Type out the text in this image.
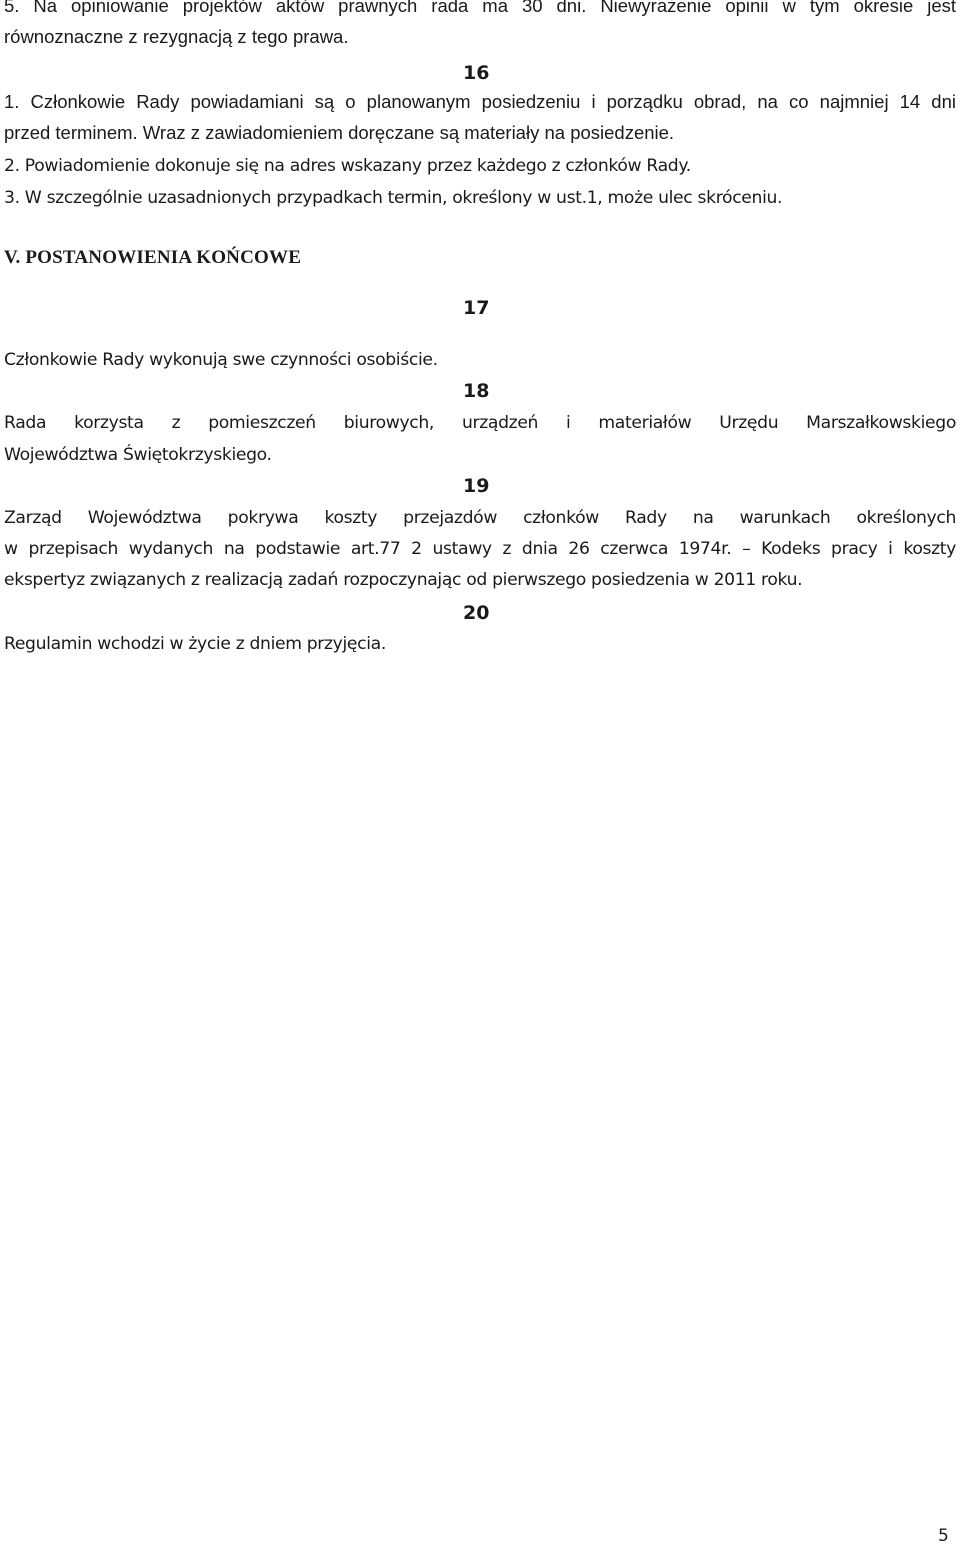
5. Na opiniowanie projektów aktów prawnych rada ma 30 dni. Niewyrażenie opinii w tym okresie jest
równoznaczne z rezygnacją z tego prawa.
16
1. Członkowie Rady powiadamiani są o planowanym posiedzeniu i porządku obrad, na co najmniej 14 dni
przed terminem. Wraz z zawiadomieniem doręczane są materiały na posiedzenie.
2. Powiadomienie dokonuje się na adres wskazany przez każdego z członków Rady.
3. W szczególnie uzasadnionych przypadkach termin, określony w ust.1, może ulec skróceniu.
V. POSTANOWIENIA KOŃCOWE
17
Członkowie Rady wykonują swe czynności osobiście.
18
Rada korzysta z pomieszczeń biurowych, urządzeń i materiałów Urzędu Marszałkowskiego
Województwa Świętokrzyskiego.
19
Zarząd Województwa pokrywa koszty przejazdów członków Rady na warunkach określonych
w przepisach wydanych na podstawie art.77 2 ustawy z dnia 26 czerwca 1974r. – Kodeks pracy i koszty
ekspertyz związanych z realizacją zadań rozpoczynając od pierwszego posiedzenia w 2011 roku.
20
Regulamin wchodzi w życie z dniem przyjęcia.
5
